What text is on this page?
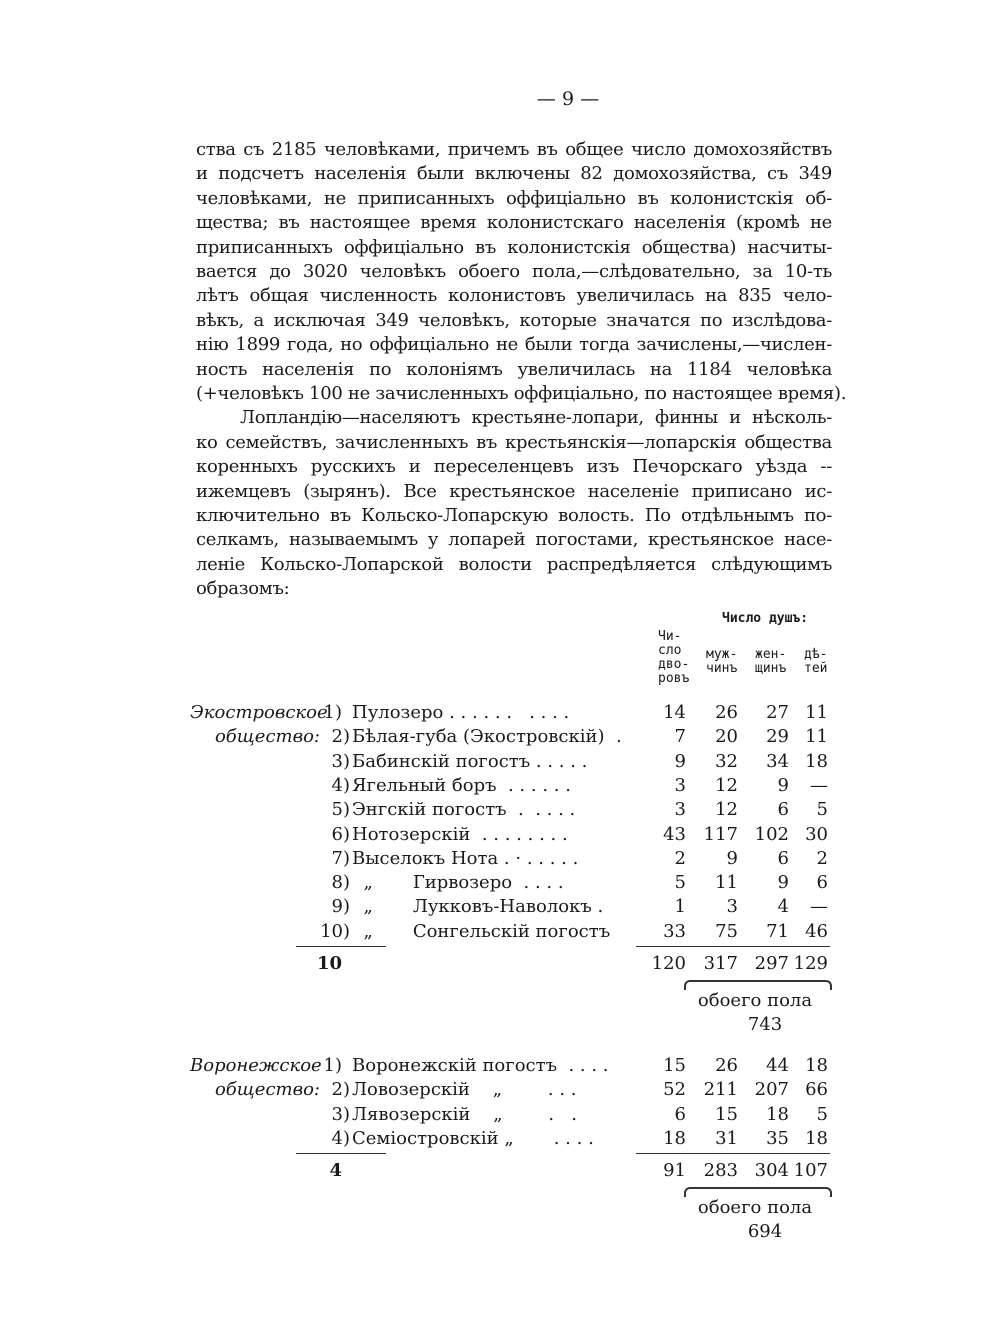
— 9 —
ства съ 2185 человѣками, причемъ въ общее число домохозяйствъ
и подсчетъ населенія были включены 82 домохозяйства, съ 349
человѣками, не приписанныхъ оффиціально въ колонистскія об-
щества; въ настоящее время колонистскаго населенія (кромѣ не
приписанныхъ оффиціально въ колонистскія общества) насчиты-
вается до 3020 человѣкъ обоего пола,—слѣдовательно, за 10-ть
лѣтъ общая численность колонистовъ увеличилась на 835 чело-
вѣкъ, а исключая 349 человѣкъ, которые значатся по изслѣдова-
нію 1899 года, но оффиціально не были тогда зачислены,—числен-
ность населенія по колоніямъ увеличилась на 1184 человѣка
(+человѣкъ 100 не зачисленныхъ оффиціально, по настоящее время).
Лопландію—населяютъ крестьяне-лопари, финны и нѣсколь-
ко семействъ, зачисленныхъ въ крестьянскія—лопарскія общества
коренныхъ русскихъ и переселенцевъ изъ Печорскаго уѣзда --
ижемцевъ (зырянъ). Все крестьянское населеніе приписано ис-
ключительно въ Кольско-Лопарскую волость. По отдѣльнымъ по-
селкамъ, называемымъ у лопарей погостами, крестьянское насе-
леніе Кольско-Лопарской волости распредѣляется слѣдующимъ
образомъ:
Число душъ:
Чи-
сло
дво-
ровъ
муж-
чинъ
жен-
щинъ
дѣ-
тей
Экостровское
1) Пулозеро . . . . . .   . . . .	14	26	27 11
общество: 2) Бѣлая-губа (Экостровскій)  .	7	20	29 11
3) Бабинскій погостъ . . . . .	9	32	34 18
4) Ягельный боръ  . . . . . .	3	12	9	—
5) Энгскій погостъ  .  . . . .	3	12	6	5
6) Нотозерскій  . . . . . . . .	43 117 102 30
7) Выселокъ Нота . · . . . . .	2	9	6	2
8) „       Гирвозеро  . . . .	5	11	9	6
9) „       Лукковъ-Наволокъ .	1	3	4	—
10) „       Сонгельскій погостъ	33	75	71 46
10	120 317 297 129
обоего пола
743
Воронежское 1) Воронежскій погостъ  . . . .	15	26	44 18
общество: 2) Ловозерскій    „        . . .	52 211 207 66
3) Лявозерскій    „        .   .	6	15	18	5
4) Семіостровскій „       . . . .	18	31	35 18
4	91 283 304 107
обоего пола
694
